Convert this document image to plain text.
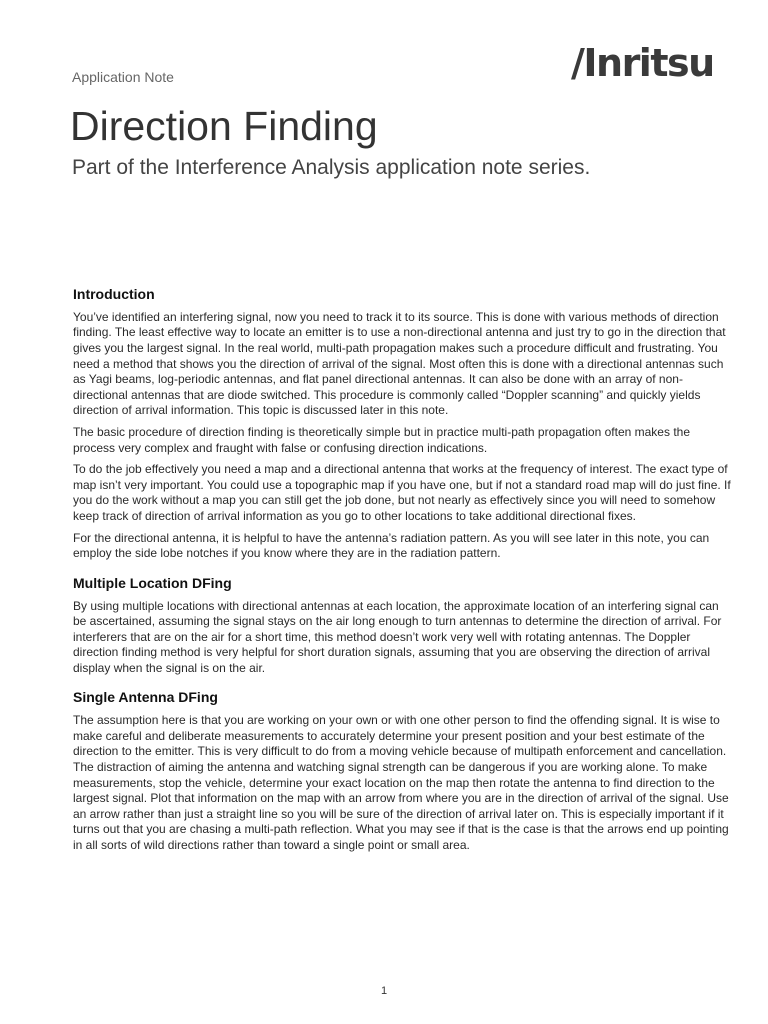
Application Note	/Inritsu
Direction Finding
Part of the Interference Analysis application note series.
Introduction

You’ve identified an interfering signal, now you need to track it to its source. This is done with various methods of direction finding. The least effective way to locate an emitter is to use a non-directional antenna and just try to go in the direction that gives you the largest signal. In the real world, multi-path propagation makes such a procedure difficult and frustrating. You need a method that shows you the direction of arrival of the signal. Most often this is done with a directional antennas such as Yagi beams, log-periodic antennas, and flat panel directional antennas. It can also be done with an array of non-directional antennas that are diode switched. This procedure is commonly called “Doppler scanning” and quickly yields direction of arrival information. This topic is discussed later in this note.

The basic procedure of direction finding is theoretically simple but in practice multi-path propagation often makes the process very complex and fraught with false or confusing direction indications.

To do the job effectively you need a map and a directional antenna that works at the frequency of interest. The exact type of map isn’t very important. You could use a topographic map if you have one, but if not a standard road map will do just fine. If you do the work without a map you can still get the job done, but not nearly as effectively since you will need to somehow keep track of direction of arrival information as you go to other locations to take additional directional fixes.

For the directional antenna, it is helpful to have the antenna’s radiation pattern. As you will see later in this note, you can employ the side lobe notches if you know where they are in the radiation pattern.

Multiple Location DFing

By using multiple locations with directional antennas at each location, the approximate location of an interfering signal can be ascertained, assuming the signal stays on the air long enough to turn antennas to determine the direction of arrival. For interferers that are on the air for a short time, this method doesn’t work very well with rotating antennas. The Doppler direction finding method is very helpful for short duration signals, assuming that you are observing the direction of arrival display when the signal is on the air.

Single Antenna DFing

The assumption here is that you are working on your own or with one other person to find the offending signal. It is wise to make careful and deliberate measurements to accurately determine your present position and your best estimate of the direction to the emitter. This is very difficult to do from a moving vehicle because of multipath enforcement and cancellation. The distraction of aiming the antenna and watching signal strength can be dangerous if you are working alone. To make measurements, stop the vehicle, determine your exact location on the map then rotate the antenna to find direction to the largest signal. Plot that information on the map with an arrow from where you are in the direction of arrival of the signal. Use an arrow rather than just a straight line so you will be sure of the direction of arrival later on. This is especially important if it turns out that you are chasing a multi-path reflection. What you may see if that is the case is that the arrows end up pointing in all sorts of wild directions rather than toward a single point or small area.

1
